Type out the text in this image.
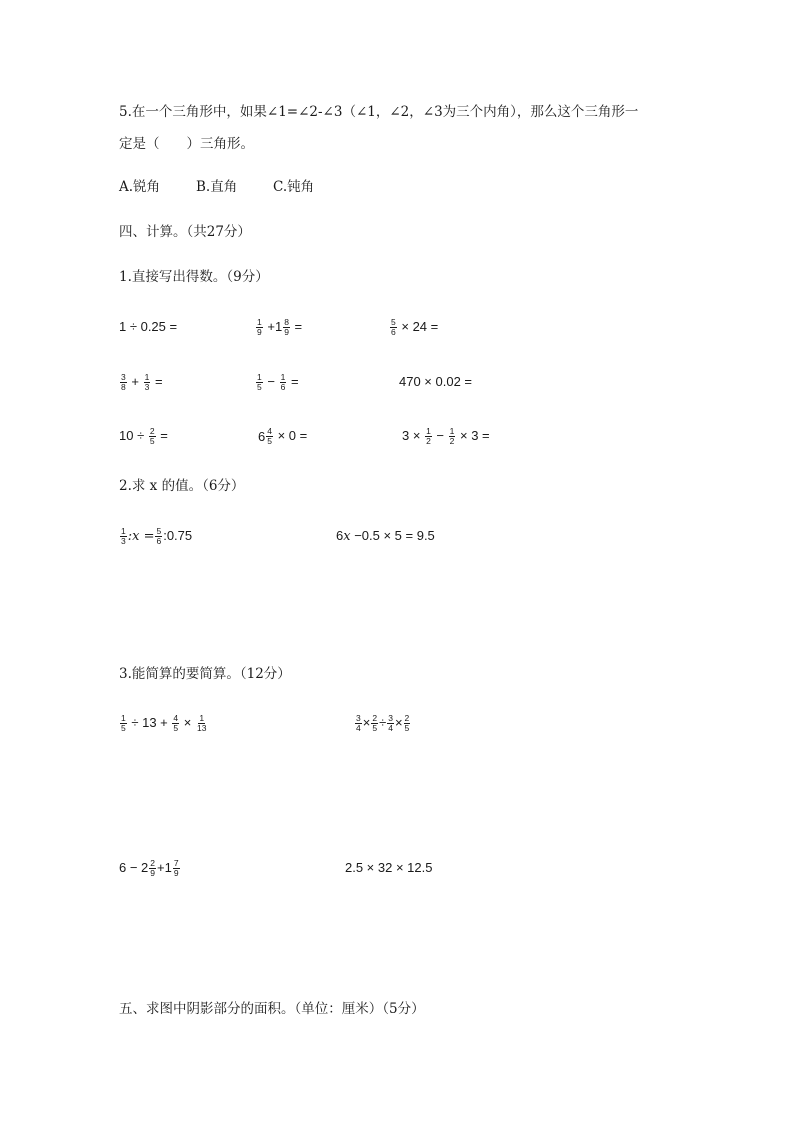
5.在一个三角形中，如果∠1=∠2-∠3（∠1，∠2，∠3为三个内角），那么这个三角形一
定是（　　）三角形。
A.锐角	B.直角	C.钝角
四、计算。（共27分）
1.直接写出得数。（9分）
1 ÷ 0.25 =	$\frac{1}{9} +1 \frac{8}{9}$ =	$\frac{5}{6} \times 24$ =
$\frac{3}{8} + \frac{1}{3}$ =	$\frac{1}{5} - \frac{1}{6}$ =	470 × 0.02 =
$10 \div \frac{2}{5}$ =	$6 \frac{4}{5} \times 0$ =	$3 \times \frac{1}{2} - \frac{1}{2} \times 3$ =
2.求 x 的值。（6分）
$\frac{1}{3}$ :x = $\frac{5}{6}$ :0.75	6x −0.5 × 5 = 9.5
3.能简算的要简算。（12分）
$\frac{1}{5} \div 13 + \frac{4}{5} \times \frac{1}{13}$	$\frac{3}{4} \times \frac{2}{5} \div \frac{3}{4} \times \frac{2}{5}$
$6 - 2 \frac{2}{9} +1 \frac{7}{9}$	2.5 × 32 × 12.5
五、求图中阴影部分的面积。（单位：厘米）（5分）
